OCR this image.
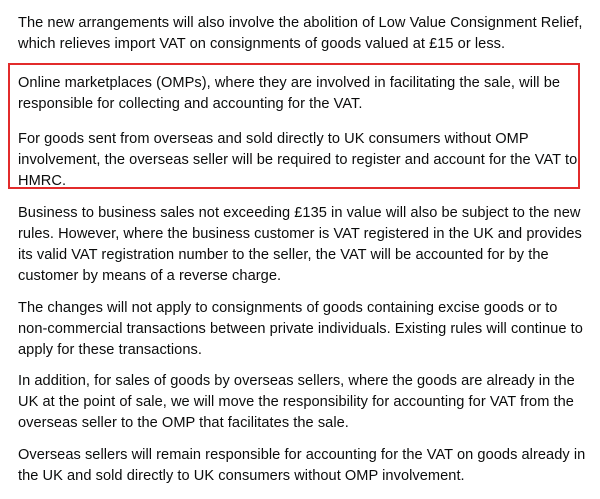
The new arrangements will also involve the abolition of Low Value Consignment Relief, which relieves import VAT on consignments of goods valued at £15 or less.

Online marketplaces (OMPs), where they are involved in facilitating the sale, will be responsible for collecting and accounting for the VAT.

For goods sent from overseas and sold directly to UK consumers without OMP involvement, the overseas seller will be required to register and account for the VAT to HMRC.

Business to business sales not exceeding £135 in value will also be subject to the new rules. However, where the business customer is VAT registered in the UK and provides its valid VAT registration number to the seller, the VAT will be accounted for by the customer by means of a reverse charge.

The changes will not apply to consignments of goods containing excise goods or to non-commercial transactions between private individuals. Existing rules will continue to apply for these transactions.

In addition, for sales of goods by overseas sellers, where the goods are already in the UK at the point of sale, we will move the responsibility for accounting for VAT from the overseas seller to the OMP that facilitates the sale.

Overseas sellers will remain responsible for accounting for the VAT on goods already in the UK and sold directly to UK consumers without OMP involvement.
